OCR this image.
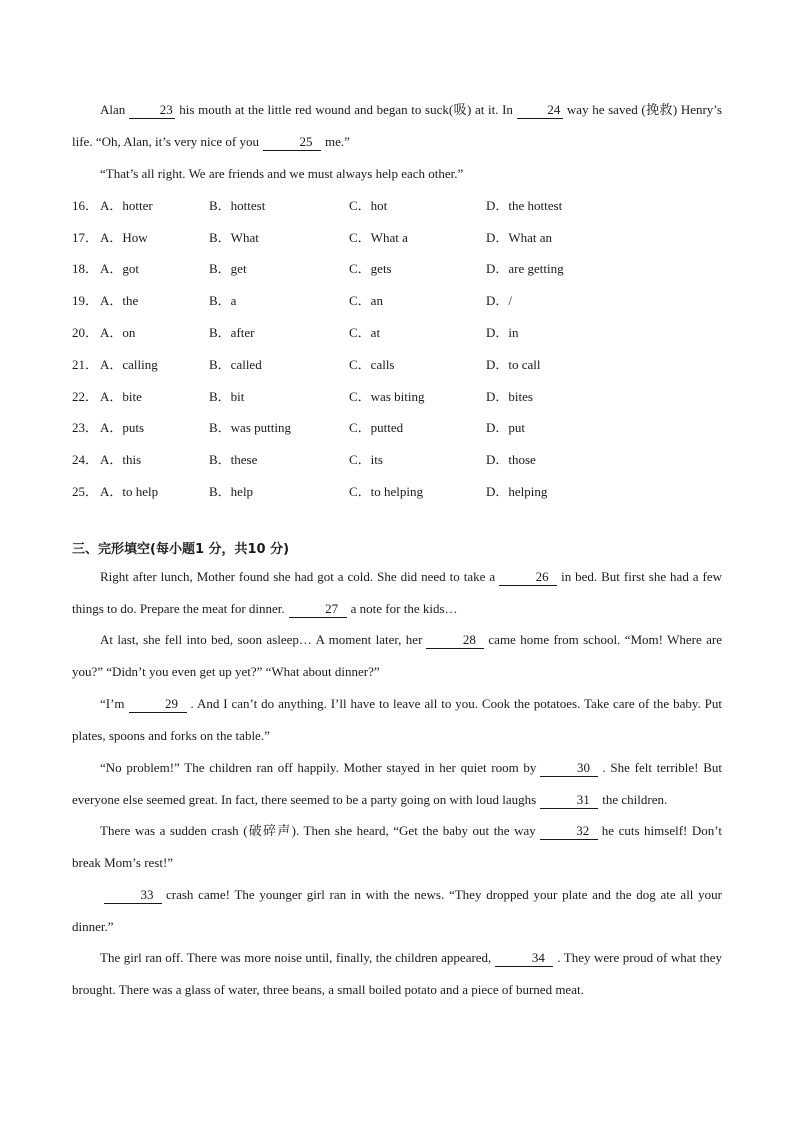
Alan	23 his mouth at the little red wound and began to suck(吸) at it. In	24 way he saved (挽救) Henry’s life. “Oh, Alan, it’s very nice of you	25 me.”

“That’s all right. We are friends and we must always help each other.”

16． A．hotter	B．hottest	C．hot	D．the hottest
17． A．How	B．What	C．What a	D．What an
18． A．got	B．get	C．gets	D．are getting
19． A．the	B．a	C．an	D．/
20． A．on	B．after	C．at	D．in
21． A．calling	B．called	C．calls	D．to call
22． A．bite	B．bit	C．was biting	D．bites
23． A．puts	B．was putting	C．putted	D．put
24． A．this	B．these	C．its	D．those
25． A．to help	B．help	C．to helping	D．helping
三、完形填空(每小题1 分，共10 分)

Right after lunch, Mother found she had got a cold. She did need to take a	26 in bed. But first she had a few things to do. Prepare the meat for dinner.	27 a note for the kids…

At last, she fell into bed, soon asleep… A moment later, her	28 came home from school. “Mom! Where are you?” “Didn’t you even get up yet?” “What about dinner?”

“I’m	29 . And I can’t do anything. I’ll have to leave all to you. Cook the potatoes. Take care of the baby. Put plates, spoons and forks on the table.”

“No problem!” The children ran off happily. Mother stayed in her quiet room by	30 . She felt terrible! But everyone else seemed great. In fact, there seemed to be a party going on with loud laughs	31 the children.

There was a sudden crash (破碎声). Then she heard, “Get the baby out the way	32 he cuts himself! Don’t break Mom’s rest!”

33 crash came! The younger girl ran in with the news. “They dropped your plate and the dog ate all your dinner.”

The girl ran off. There was more noise until, finally, the children appeared,	34 . They were proud of what they brought. There was a glass of water, three beans, a small boiled potato and a piece of burned meat.
